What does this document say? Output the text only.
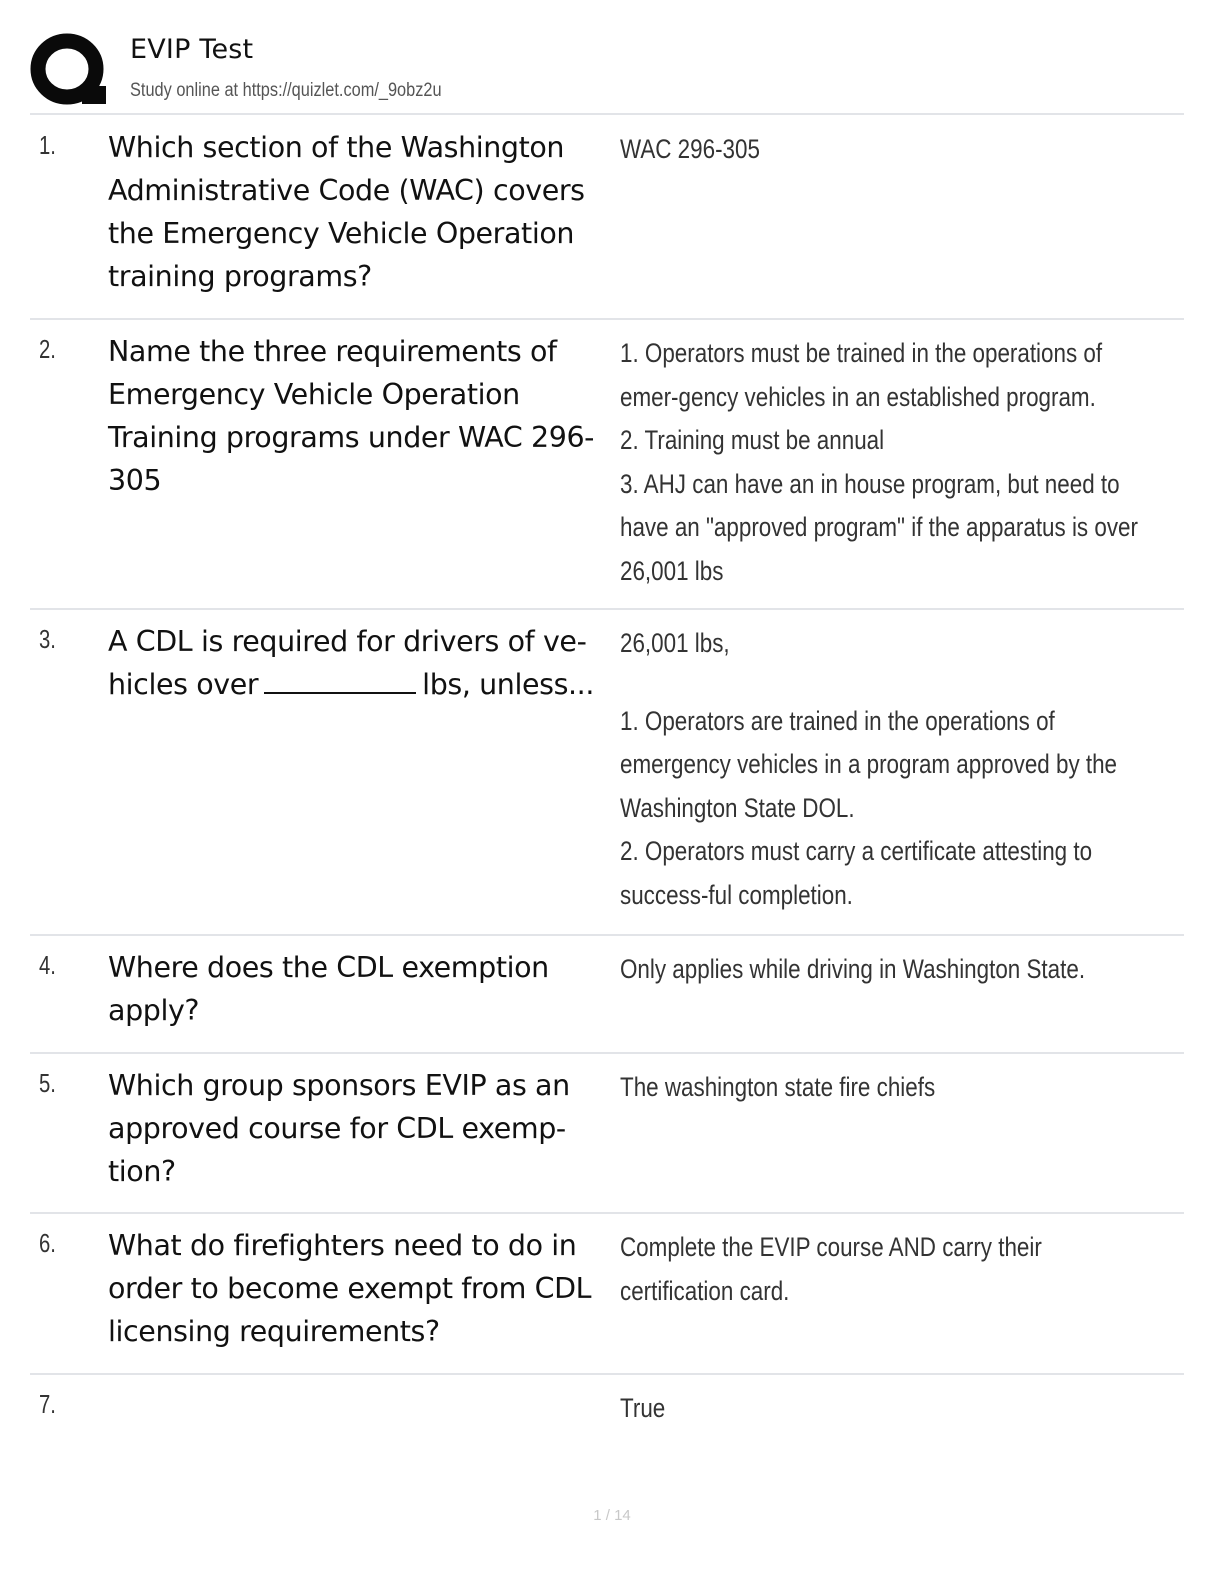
EVIP Test
Study online at https://quizlet.com/_9obz2u
1. Which section of the Washington Administrative Code (WAC) covers the Emergency Vehicle Operation training programs?

WAC 296-305

2. Name the three requirements of Emergency Vehicle Operation Training programs under WAC 296-305

1. Operators must be trained in the operations of emer-gency vehicles in an established program.

2. Training must be annual

3. AHJ can have an in house program, but need to have an "approved program" if the apparatus is over 26,001 lbs

3. A CDL is required for drivers of ve-hicles over	lbs, unless...

26,001 lbs,

1. Operators are trained in the operations of emergency vehicles in a program approved by the Washington State DOL.

2. Operators must carry a certificate attesting to success-ful completion.

4. Where does the CDL exemption apply?

Only applies while driving in Washington State.

5. Which group sponsors EVIP as an approved course for CDL exemp-tion?

The washington state fire chiefs

6. What do firefighters need to do in order to become exempt from CDL licensing requirements?

Complete the EVIP course AND carry their certification card.

7.	True

1 / 14
